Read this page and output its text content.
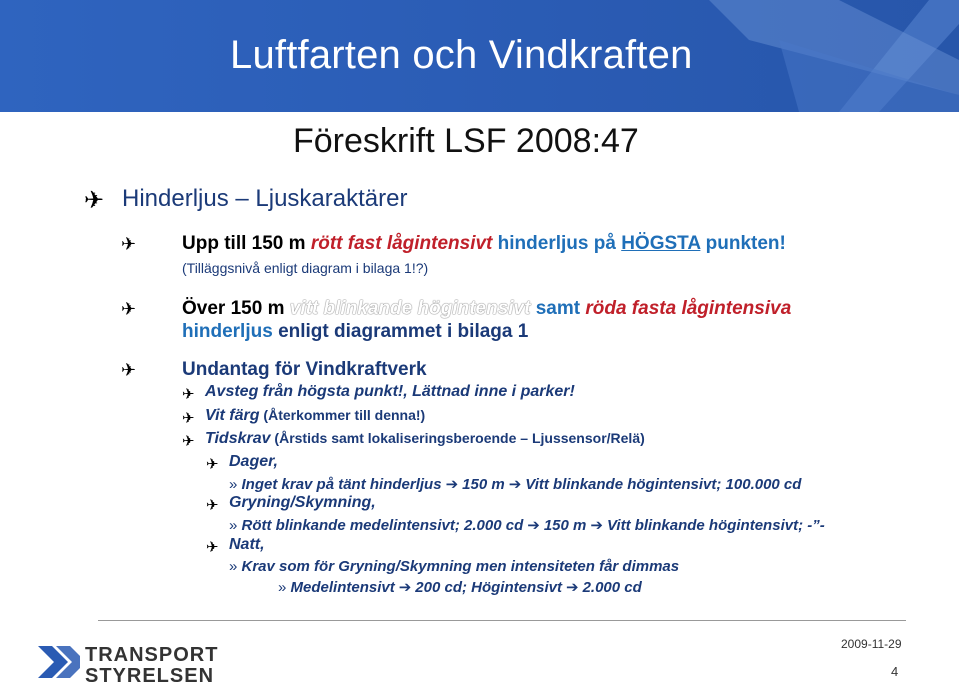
Luftfarten och Vindkraften
Föreskrift LSF 2008:47
✈ Hinderljus – Ljuskaraktärer
✈ Upp till 150 m rött fast lågintensivt hinderljus på HÖGSTA punkten!
(Tilläggsnivå enligt diagram i bilaga 1!?)
✈ Över 150 m vitt blinkande högintensivt samt röda fasta lågintensiva
hinderljus enligt diagrammet i bilaga 1
✈ Undantag för Vindkraftverk
✈ Avsteg från högsta punkt!, Lättnad inne i parker!
✈ Vit färg (Återkommer till denna!)
✈ Tidskrav (Årstids samt lokaliseringsberoende – Ljussensor/Relä)
✈ Dager,
» Inget krav på tänt hinderljus ➔ 150 m ➔ Vitt blinkande högintensivt; 100.000 cd
✈ Gryning/Skymning,
» Rött blinkande medelintensivt; 2.000 cd ➔ 150 m ➔ Vitt blinkande högintensivt; -”-
✈ Natt,
» Krav som för Gryning/Skymning men intensiteten får dimmas
» Medelintensivt ➔ 200 cd; Högintensivt ➔ 2.000 cd
TRANSPORT
STYRELSEN
2009-11-29
4
